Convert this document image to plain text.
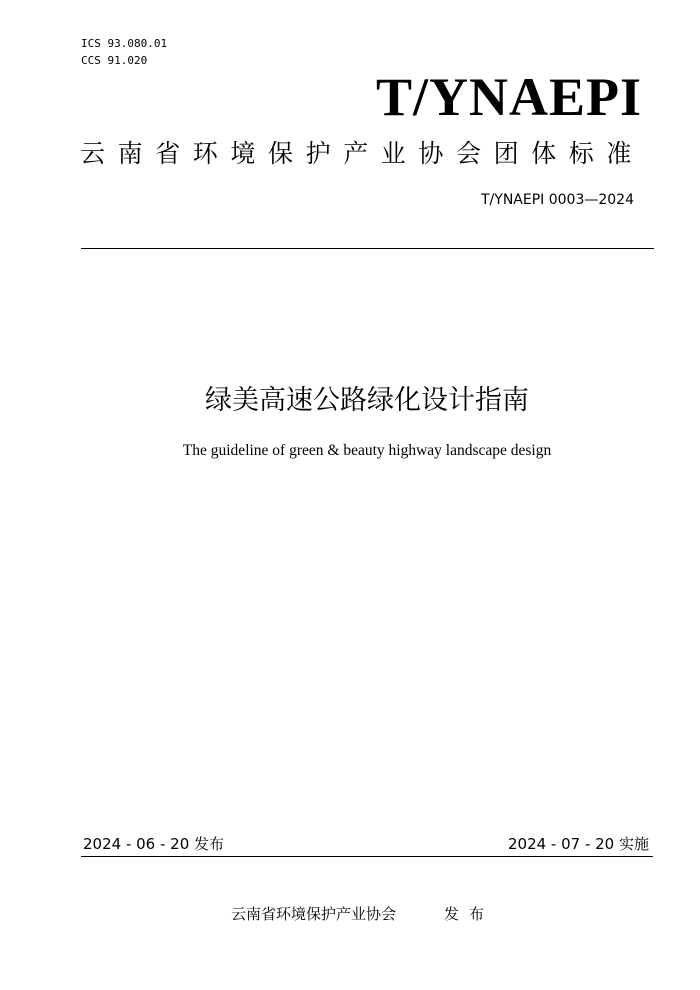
ICS 93.080.01
CCS 91.020
T/YNAEPI
云南省环境保护产业协会团体标准
T/YNAEPI 0003—2024
绿美高速公路绿化设计指南
The guideline of green & beauty highway landscape design
2024 - 06 - 20 发布	2024 - 07 - 20 实施
云南省环境保护产业协会	发布
